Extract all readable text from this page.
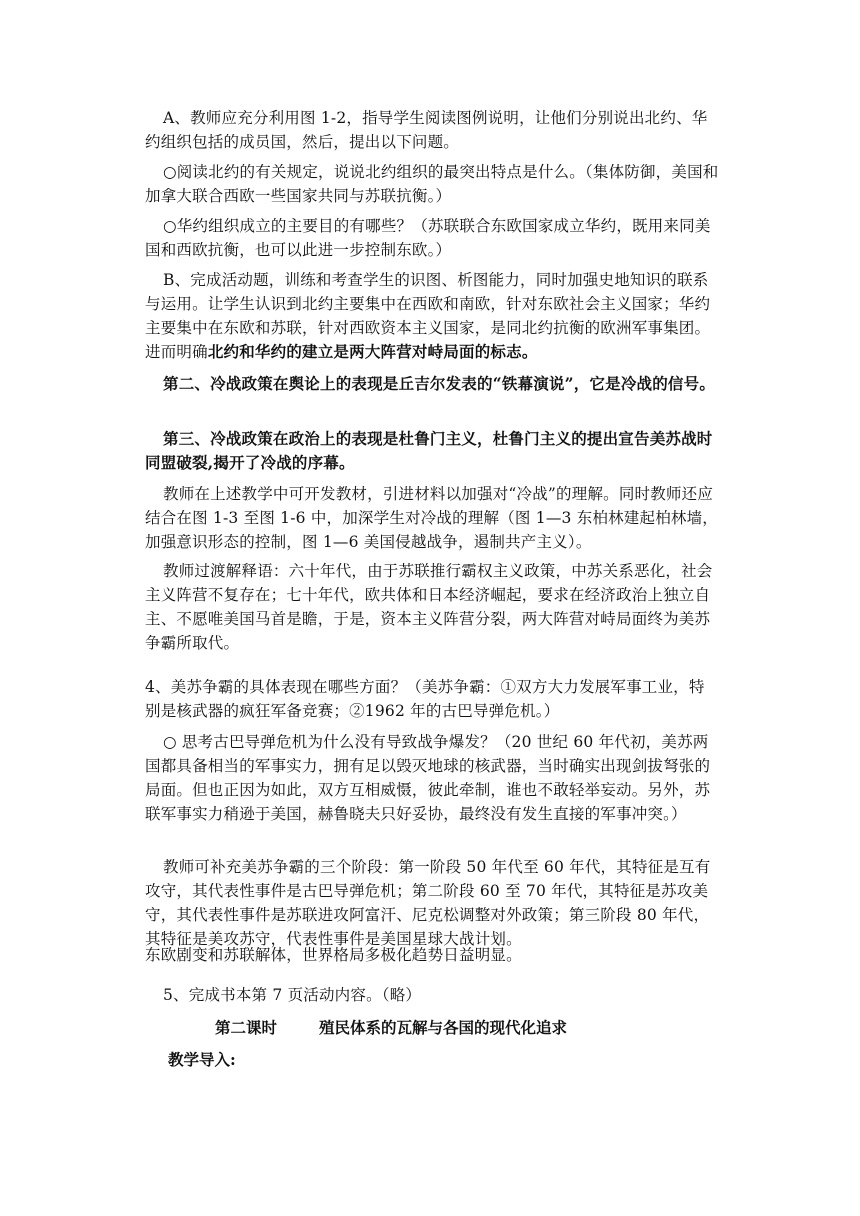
A、教师应充分利用图 1-2，指导学生阅读图例说明，让他们分别说出北约、华约组织包括的成员国，然后，提出以下问题。

○阅读北约的有关规定，说说北约组织的最突出特点是什么。（集体防御，美国和加拿大联合西欧一些国家共同与苏联抗衡。）

○华约组织成立的主要目的有哪些？（苏联联合东欧国家成立华约，既用来同美国和西欧抗衡，也可以此进一步控制东欧。）

B、完成活动题，训练和考查学生的识图、析图能力，同时加强史地知识的联系与运用。让学生认识到北约主要集中在西欧和南欧，针对东欧社会主义国家；华约主要集中在东欧和苏联，针对西欧资本主义国家，是同北约抗衡的欧洲军事集团。进而明确北约和华约的建立是两大阵营对峙局面的标志。

第二、冷战政策在舆论上的表现是丘吉尔发表的“铁幕演说”，它是冷战的信号。

第三、冷战政策在政治上的表现是杜鲁门主义，杜鲁门主义的提出宣告美苏战时同盟破裂,揭开了冷战的序幕。

教师在上述教学中可开发教材，引进材料以加强对“冷战”的理解。同时教师还应结合在图 1-3 至图 1-6 中，加深学生对冷战的理解（图 1—3 东柏林建起柏林墙，加强意识形态的控制，图 1—6 美国侵越战争，遏制共产主义）。

教师过渡解释语：六十年代，由于苏联推行霸权主义政策，中苏关系恶化，社会主义阵营不复存在；七十年代，欧共体和日本经济崛起，要求在经济政治上独立自主、不愿唯美国马首是瞻，于是，资本主义阵营分裂，两大阵营对峙局面终为美苏争霸所取代。

4、美苏争霸的具体表现在哪些方面？（美苏争霸：①双方大力发展军事工业，特别是核武器的疯狂军备竞赛；②1962 年的古巴导弹危机。）

○ 思考古巴导弹危机为什么没有导致战争爆发？（20 世纪 60 年代初，美苏两国都具备相当的军事实力，拥有足以毁灭地球的核武器，当时确实出现剑拔弩张的局面。但也正因为如此，双方互相威慑，彼此牵制，谁也不敢轻举妄动。另外，苏联军事实力稍逊于美国，赫鲁晓夫只好妥协，最终没有发生直接的军事冲突。）

教师可补充美苏争霸的三个阶段：第一阶段 50 年代至 60 年代，其特征是互有攻守，其代表性事件是古巴导弹危机；第二阶段 60 至 70 年代，其特征是苏攻美守，其代表性事件是苏联进攻阿富汗、尼克松调整对外政策；第三阶段 80 年代，其特征是美攻苏守，代表性事件是美国星球大战计划。

东欧剧变和苏联解体，世界格局多极化趋势日益明显。

5、完成书本第 7 页活动内容。（略）

第二课时	殖民体系的瓦解与各国的现代化追求
教学导入:
